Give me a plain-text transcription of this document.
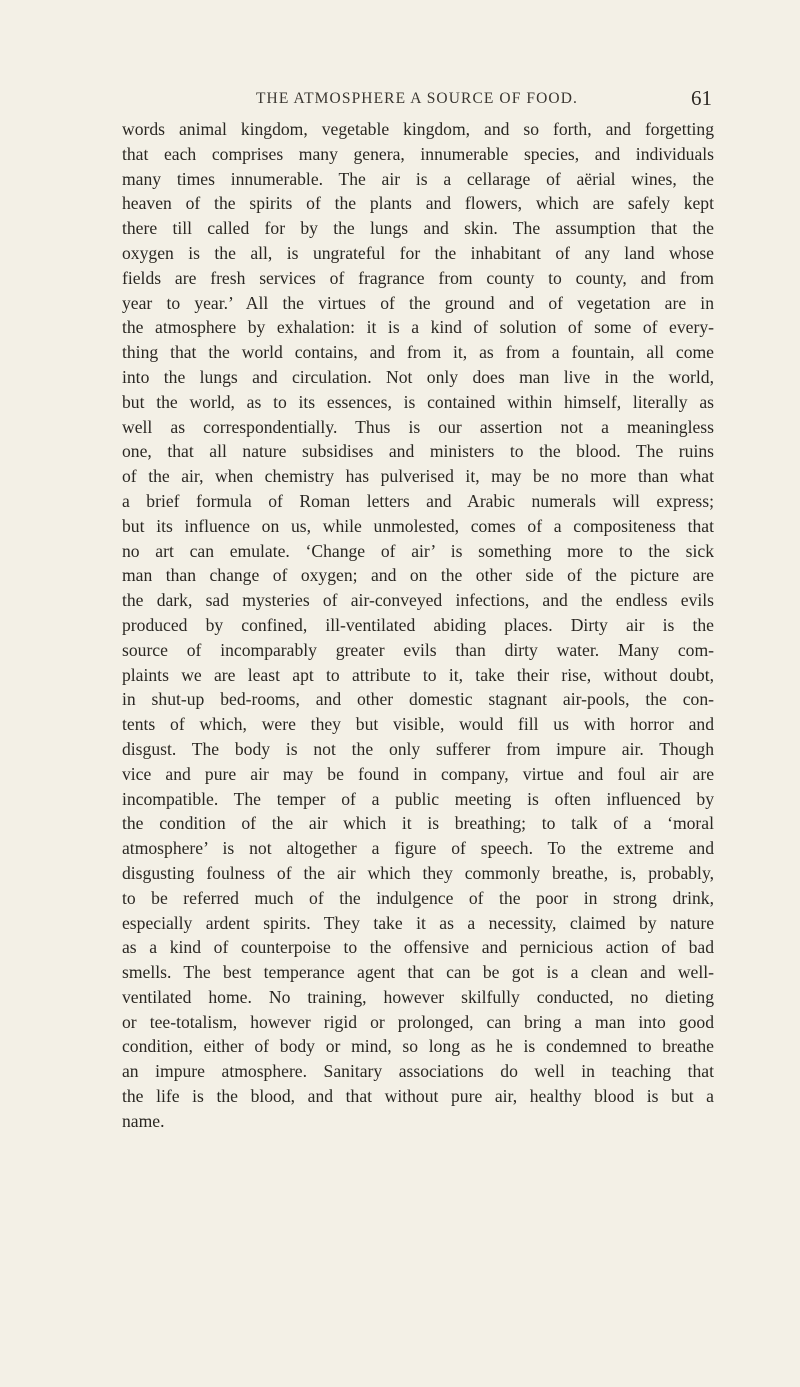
THE ATMOSPHERE A SOURCE OF FOOD.	61
words animal kingdom, vegetable kingdom, and so forth, and forgetting
that each comprises many genera, innumerable species, and individuals
many times innumerable. The air is a cellarage of aërial wines, the
heaven of the spirits of the plants and flowers, which are safely kept
there till called for by the lungs and skin. The assumption that the
oxygen is the all, is ungrateful for the inhabitant of any land whose
fields are fresh services of fragrance from county to county, and from
year to year.’ All the virtues of the ground and of vegetation are in
the atmosphere by exhalation: it is a kind of solution of some of every-
thing that the world contains, and from it, as from a fountain, all come
into the lungs and circulation. Not only does man live in the world,
but the world, as to its essences, is contained within himself, literally as
well as correspondentially. Thus is our assertion not a meaningless
one, that all nature subsidises and ministers to the blood. The ruins
of the air, when chemistry has pulverised it, may be no more than what
a brief formula of Roman letters and Arabic numerals will express;
but its influence on us, while unmolested, comes of a compositeness that
no art can emulate. ‘Change of air’ is something more to the sick
man than change of oxygen; and on the other side of the picture are
the dark, sad mysteries of air-conveyed infections, and the endless evils
produced by confined, ill-ventilated abiding places. Dirty air is the
source of incomparably greater evils than dirty water. Many com-
plaints we are least apt to attribute to it, take their rise, without doubt,
in shut-up bed-rooms, and other domestic stagnant air-pools, the con-
tents of which, were they but visible, would fill us with horror and
disgust. The body is not the only sufferer from impure air. Though
vice and pure air may be found in company, virtue and foul air are
incompatible. The temper of a public meeting is often influenced by
the condition of the air which it is breathing; to talk of a ‘moral
atmosphere’ is not altogether a figure of speech. To the extreme and
disgusting foulness of the air which they commonly breathe, is, probably,
to be referred much of the indulgence of the poor in strong drink,
especially ardent spirits. They take it as a necessity, claimed by nature
as a kind of counterpoise to the offensive and pernicious action of bad
smells. The best temperance agent that can be got is a clean and well-
ventilated home. No training, however skilfully conducted, no dieting
or tee-totalism, however rigid or prolonged, can bring a man into good
condition, either of body or mind, so long as he is condemned to breathe
an impure atmosphere. Sanitary associations do well in teaching that
the life is the blood, and that without pure air, healthy blood is but a
name.
